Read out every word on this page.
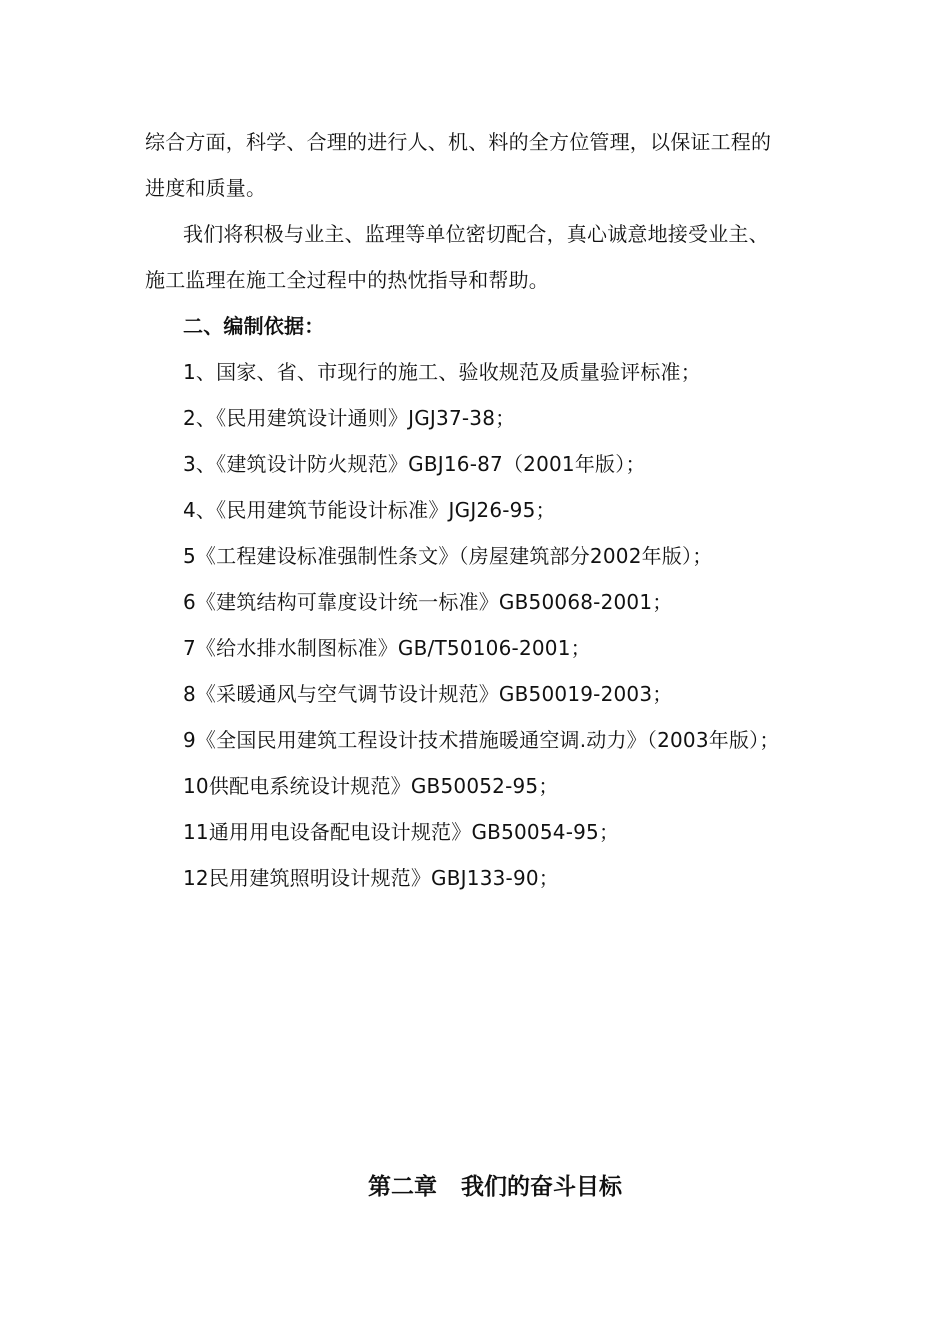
综合方面，科学、合理的进行人、机、料的全方位管理，以保证工程的
进度和质量。
我们将积极与业主、监理等单位密切配合，真心诚意地接受业主、
施工监理在施工全过程中的热忱指导和帮助。
二、编制依据：
1、国家、省、市现行的施工、验收规范及质量验评标准；
2、《民用建筑设计通则》JGJ37-38；
3、《建筑设计防火规范》GBJ16-87（2001年版）；
4、《民用建筑节能设计标准》JGJ26-95；
5《工程建设标准强制性条文》（房屋建筑部分2002年版）；
6《建筑结构可靠度设计统一标准》GB50068-2001；
7《给水排水制图标准》GB/T50106-2001；
8《采暖通风与空气调节设计规范》GB50019-2003；
9《全国民用建筑工程设计技术措施暖通空调.动力》（2003年版）；
10供配电系统设计规范》GB50052-95；
11通用用电设备配电设计规范》GB50054-95；
12民用建筑照明设计规范》GBJ133-90；
第二章   我们的奋斗目标
